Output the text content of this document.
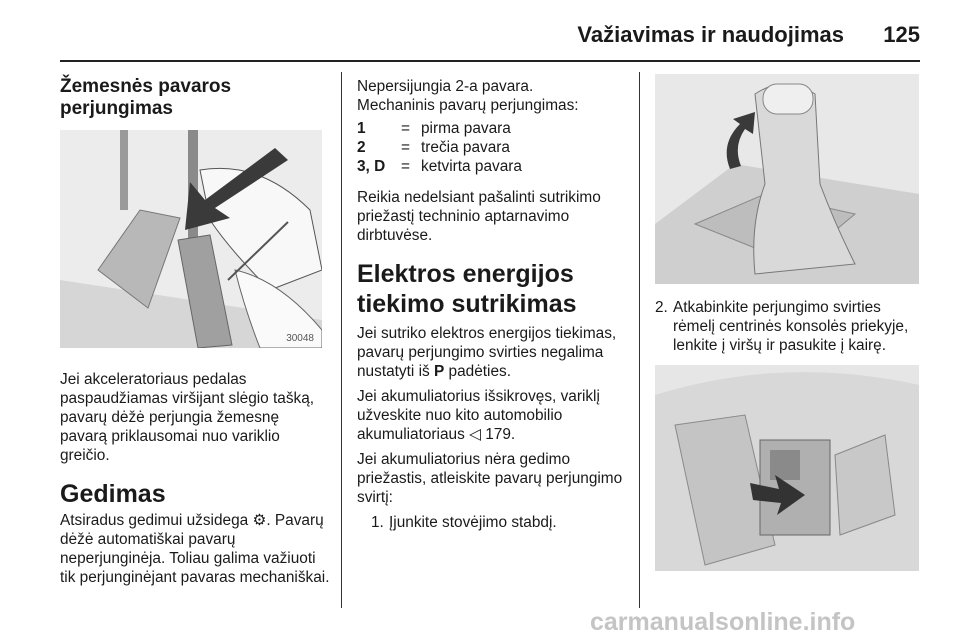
Važiavimas ir naudojimas 125
Žemesnės pavaros
perjungimas
30048

Jei akceleratoriaus pedalas paspaudžiamas viršijant slėgio tašką, pavarų dėžė perjungia žemesnę pavarą priklausomai nuo variklio greičio.

Gedimas

Atsiradus gedimui užsidega ⚙. Pavarų dėžė automatiškai pavarų neperjunginėja. Toliau galima važiuoti tik perjunginėjant pavaras mechaniškai.

Nepersijungia 2-a pavara.

Mechaninis pavarų perjungimas:

1	=	pirma pavara
2	=	trečia pavara
3, D	=	ketvirta pavara

Reikia nedelsiant pašalinti sutrikimo priežastį techninio aptarnavimo dirbtuvėse.

Elektros energijos tiekimo sutrikimas

Jei sutriko elektros energijos tiekimas, pavarų perjungimo svirties negalima nustatyti iš P padėties.

Jei akumuliatorius išsikrovęs, variklį užveskite nuo kito automobilio akumuliatoriaus ◁ 179.

Jei akumuliatorius nėra gedimo priežastis, atleiskite pavarų perjungimo svirtį:

1. Įjunkite stovėjimo stabdį.
2. Atkabinkite perjungimo svirties rėmelį centrinės konsolės priekyje, lenkite į viršų ir pasukite į kairę.
carmanualsonline.info
